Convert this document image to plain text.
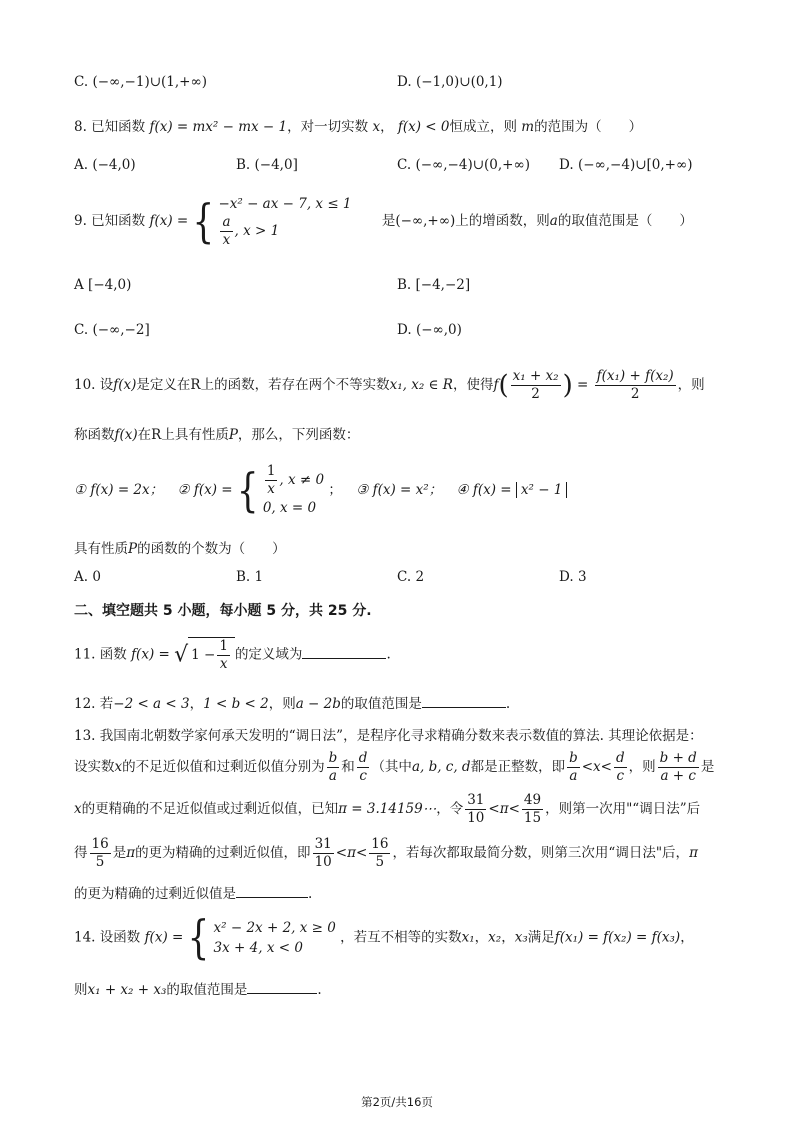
C. (−∞,−1)∪(1,+∞)	D. (−1,0)∪(0,1)
8. 已知函数 f(x) = mx² − mx − 1，对一切实数 x， f(x) < 0恒成立，则 m的范围为（　　）
A. (−4,0)	B. (−4,0]	C. (−∞,−4)∪(0,+∞) D. (−∞,−4)∪[0,+∞)
9. 已知函数 f(x) = { −x² − ax − 7, x ≤ 1
$\frac{a}{x}$ , x > 1
是(−∞,+∞)上的增函数，则a的取值范围是（　　）
A [−4,0)	B. [−4,−2]
C. (−∞,−2]	D. (−∞,0)
10. 设f(x)是定义在R上的函数，若存在两个不等实数x₁, x₂ ∈ R，使得$f( \frac{\text{x₁ + x₂}}{2}$ ) = $\frac{\text{f(x₁) + f(x₂)}}{2}$ ，则
称函数f(x)在R上具有性质P，那么，下列函数：
① f(x) = 2x； ② f(x) = { $\frac{1}{x}$ , x ≠ 0
0, x = 0
； ③ f(x) = x²； ④ f(x) = x² − 1
具有性质P的函数的个数为（　　）
A. 0	B. 1	C. 2	D. 3
二、填空题共 5 小题，每小题 5 分，共 25 分.
11. 函数 f(x) = √ $1 - \frac{1}{x}$ 的定义域为	.
12. 若−2 < a < 3，1 < b < 2，则a − 2b的取值范围是	.
13. 我国南北朝数学家何承天发明的“调日法”，是程序化寻求精确分数来表示数值的算法. 其理论依据是：
设实数x的不足近似值和过剩近似值分别为 $\frac{b}{a}$ 和 $\frac{d}{c}$ （其中a, b, c, d都是正整数，即 $\frac{b}{a} <x< \frac{d}{c}$ ，则 $\frac{b + d}{a + c}$ 是
x的更精确的不足近似值或过剩近似值，已知π = 3.14159⋯，令 $\frac{31}{10} <\pi< \frac{49}{15}$ ，则第一次用"“调日法”后
得 $\frac{16}{5}$ 是π的更为精确的过剩近似值，即 $\frac{31}{10} <\pi< \frac{16}{5}$ ，若每次都取最简分数，则第三次用“调日法"后，π
的更为精确的过剩近似值是	.
14. 设函数 f(x) = { x² − 2x + 2, x ≥ 0
3x + 4, x < 0
，若互不相等的实数x₁，x₂，x₃满足f(x₁) = f(x₂) = f(x₃)，
则x₁ + x₂ + x₃的取值范围是	.
第2页/共16页
